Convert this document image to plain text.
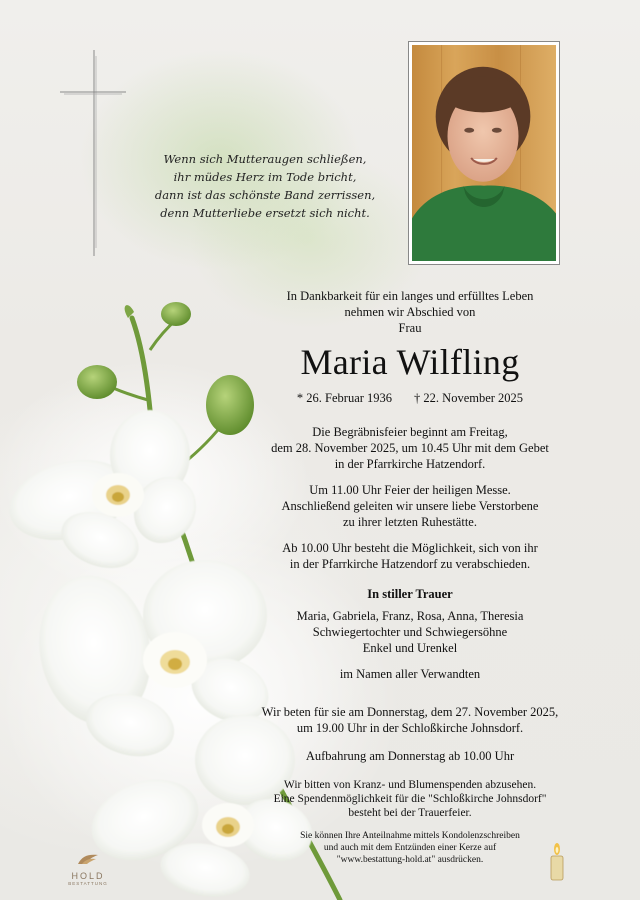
Wenn sich Mutteraugen schließen,
ihr müdes Herz im Tode bricht,
dann ist das schönste Band zerrissen,
denn Mutterliebe ersetzt sich nicht.
In Dankbarkeit für ein langes und erfülltes Leben
nehmen wir Abschied von
Frau
Maria Wilfling
* 26. Februar 1936 † 22. November 2025
Die Begräbnisfeier beginnt am Freitag,
dem 28. November 2025, um 10.45 Uhr mit dem Gebet
in der Pfarrkirche Hatzendorf.
Um 11.00 Uhr Feier der heiligen Messe.
Anschließend geleiten wir unsere liebe Verstorbene
zu ihrer letzten Ruhestätte.
Ab 10.00 Uhr besteht die Möglichkeit, sich von ihr
in der Pfarrkirche Hatzendorf zu verabschieden.
In stiller Trauer
Maria, Gabriela, Franz, Rosa, Anna, Theresia
Schwiegertochter und Schwiegersöhne
Enkel und Urenkel
im Namen aller Verwandten
Wir beten für sie am Donnerstag, dem 27. November 2025,
um 19.00 Uhr in der Schloßkirche Johnsdorf.
Aufbahrung am Donnerstag ab 10.00 Uhr
Wir bitten von Kranz- und Blumenspenden abzusehen.
Eine Spendenmöglichkeit für die "Schloßkirche Johnsdorf"
besteht bei der Trauerfeier.
Sie können Ihre Anteilnahme mittels Kondolenzschreiben
und auch mit dem Entzünden einer Kerze auf
"www.bestattung-hold.at" ausdrücken.
HOLD
BESTATTUNG
